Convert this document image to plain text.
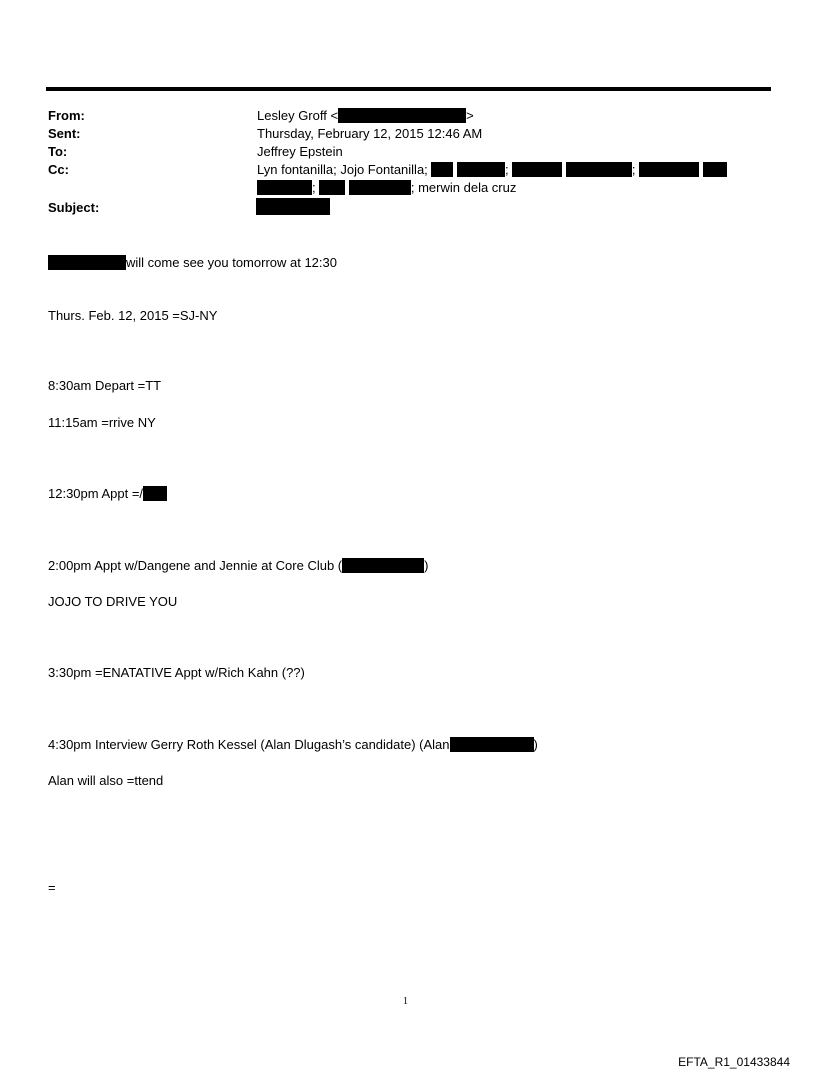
From:	Lesley Groff <	>
Sent:	Thursday, February 12, 2015 12:46 AM
To:	Jeffrey Epstein
Cc:	Lyn fontanilla; Jojo Fontanilla;	;	;
;	; merwin dela cruz
Subject:
will come see you tomorrow at 12:30
Thurs. Feb. 12, 2015 =SJ-NY
8:30am Depart =TT
11:15am =rrive NY
12:30pm Appt =/
2:00pm Appt w/Dangene and Jennie at Core Club (	)
JOJO TO DRIVE YOU
3:30pm =ENATATIVE Appt w/Rich Kahn (??)
4:30pm Interview Gerry Roth Kessel (Alan Dlugash’s candidate) (Alan	)
Alan will also =ttend
=
1
EFTA_R1_01433844
